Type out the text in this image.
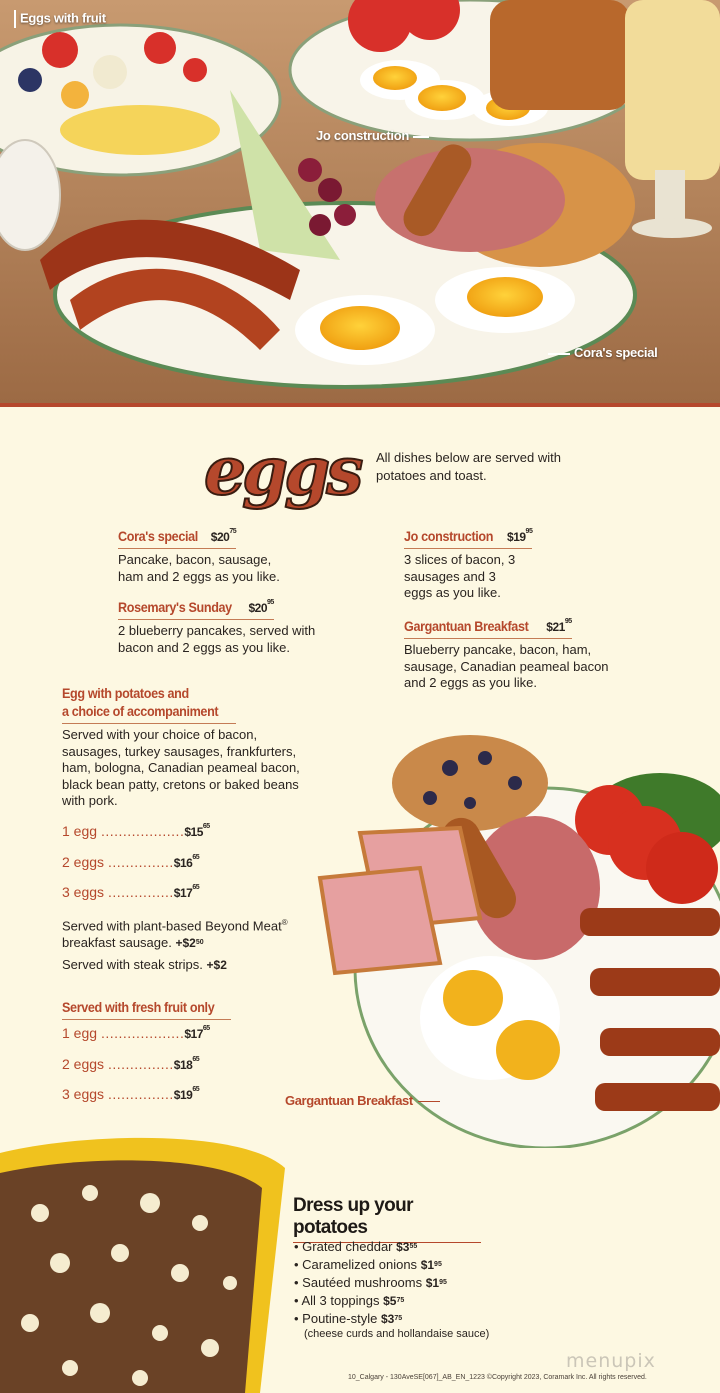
Eggs with fruit
Jo construction
Cora's special
eggs All dishes below are served with potatoes and toast.
Cora's special $\$20^{75}$
Pancake, bacon, sausage, ham and 2 eggs as you like.
Rosemary's Sunday $\$20^{95}$
2 blueberry pancakes, served with bacon and 2 eggs as you like.
Jo construction $\$19^{95}$
3 slices of bacon, 3 sausages and 3 eggs as you like.
Gargantuan Breakfast $\$21^{95}$
Blueberry pancake, bacon, ham, sausage, Canadian peameal bacon and 2 eggs as you like.
Egg with potatoes and
a choice of accompaniment
Served with your choice of bacon, sausages, turkey sausages, frankfurters, ham, bologna, Canadian peameal bacon, black bean patty, cretons or baked beans with pork.
1 egg $...................\$15^{65}$
2 eggs $...............\$16^{65}$
3 eggs $...............\$17^{65}$
Served with plant-based Beyond Meat®
breakfast sausage. $+\$2^{50}$
Served with steak strips. +$2
Served with fresh fruit only
1 egg $...................\$17^{65}$
2 eggs $...............\$18^{65}$
3 eggs $...............\$19^{65}$
Gargantuan Breakfast
Dress up your potatoes
• Grated cheddar $\$3^{55}$
• Caramelized onions $\$1^{95}$
• Sautéed mushrooms $\$1^{95}$
• All 3 toppings $\$5^{75}$
• Poutine-style $\$3^{75}$
(cheese curds and hollandaise sauce)
10_Calgary - 130AveSE[067]_AB_EN_1223 ©Copyright 2023, Coramark Inc. All rights reserved.
menupix
